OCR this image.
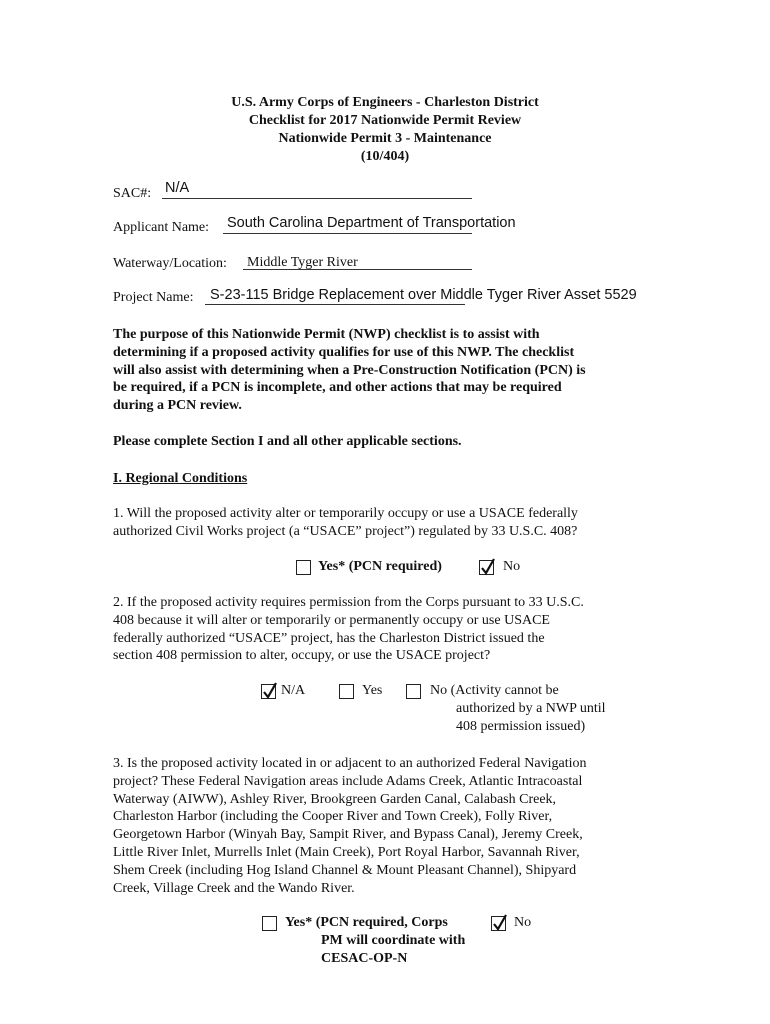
U.S. Army Corps of Engineers - Charleston District
Checklist for 2017 Nationwide Permit Review
Nationwide Permit 3 - Maintenance
(10/404)
SAC#: N/A
Applicant Name: South Carolina Department of Transportation
Waterway/Location: Middle Tyger River
Project Name: S-23-115 Bridge Replacement over Middle Tyger River Asset 5529
The purpose of this Nationwide Permit (NWP) checklist is to assist with
determining if a proposed activity qualifies for use of this NWP. The checklist
will also assist with determining when a Pre-Construction Notification (PCN) is
be required, if a PCN is incomplete, and other actions that may be required
during a PCN review.
Please complete Section I and all other applicable sections.
I. Regional Conditions
1. Will the proposed activity alter or temporarily occupy or use a USACE federally
authorized Civil Works project (a “USACE” project”) regulated by 33 U.S.C. 408?
Yes* (PCN required)	No
2. If the proposed activity requires permission from the Corps pursuant to 33 U.S.C.
408 because it will alter or temporarily or permanently occupy or use USACE
federally authorized “USACE” project, has the Charleston District issued the
section 408 permission to alter, occupy, or use the USACE project?
N/A	Yes	No (Activity cannot be
authorized by a NWP until
408 permission issued)
3. Is the proposed activity located in or adjacent to an authorized Federal Navigation
project? These Federal Navigation areas include Adams Creek, Atlantic Intracoastal
Waterway (AIWW), Ashley River, Brookgreen Garden Canal, Calabash Creek,
Charleston Harbor (including the Cooper River and Town Creek), Folly River,
Georgetown Harbor (Winyah Bay, Sampit River, and Bypass Canal), Jeremy Creek,
Little River Inlet, Murrells Inlet (Main Creek), Port Royal Harbor, Savannah River,
Shem Creek (including Hog Island Channel & Mount Pleasant Channel), Shipyard
Creek, Village Creek and the Wando River.
Yes* (PCN required, Corps
PM will coordinate with
CESAC-OP-N
No
